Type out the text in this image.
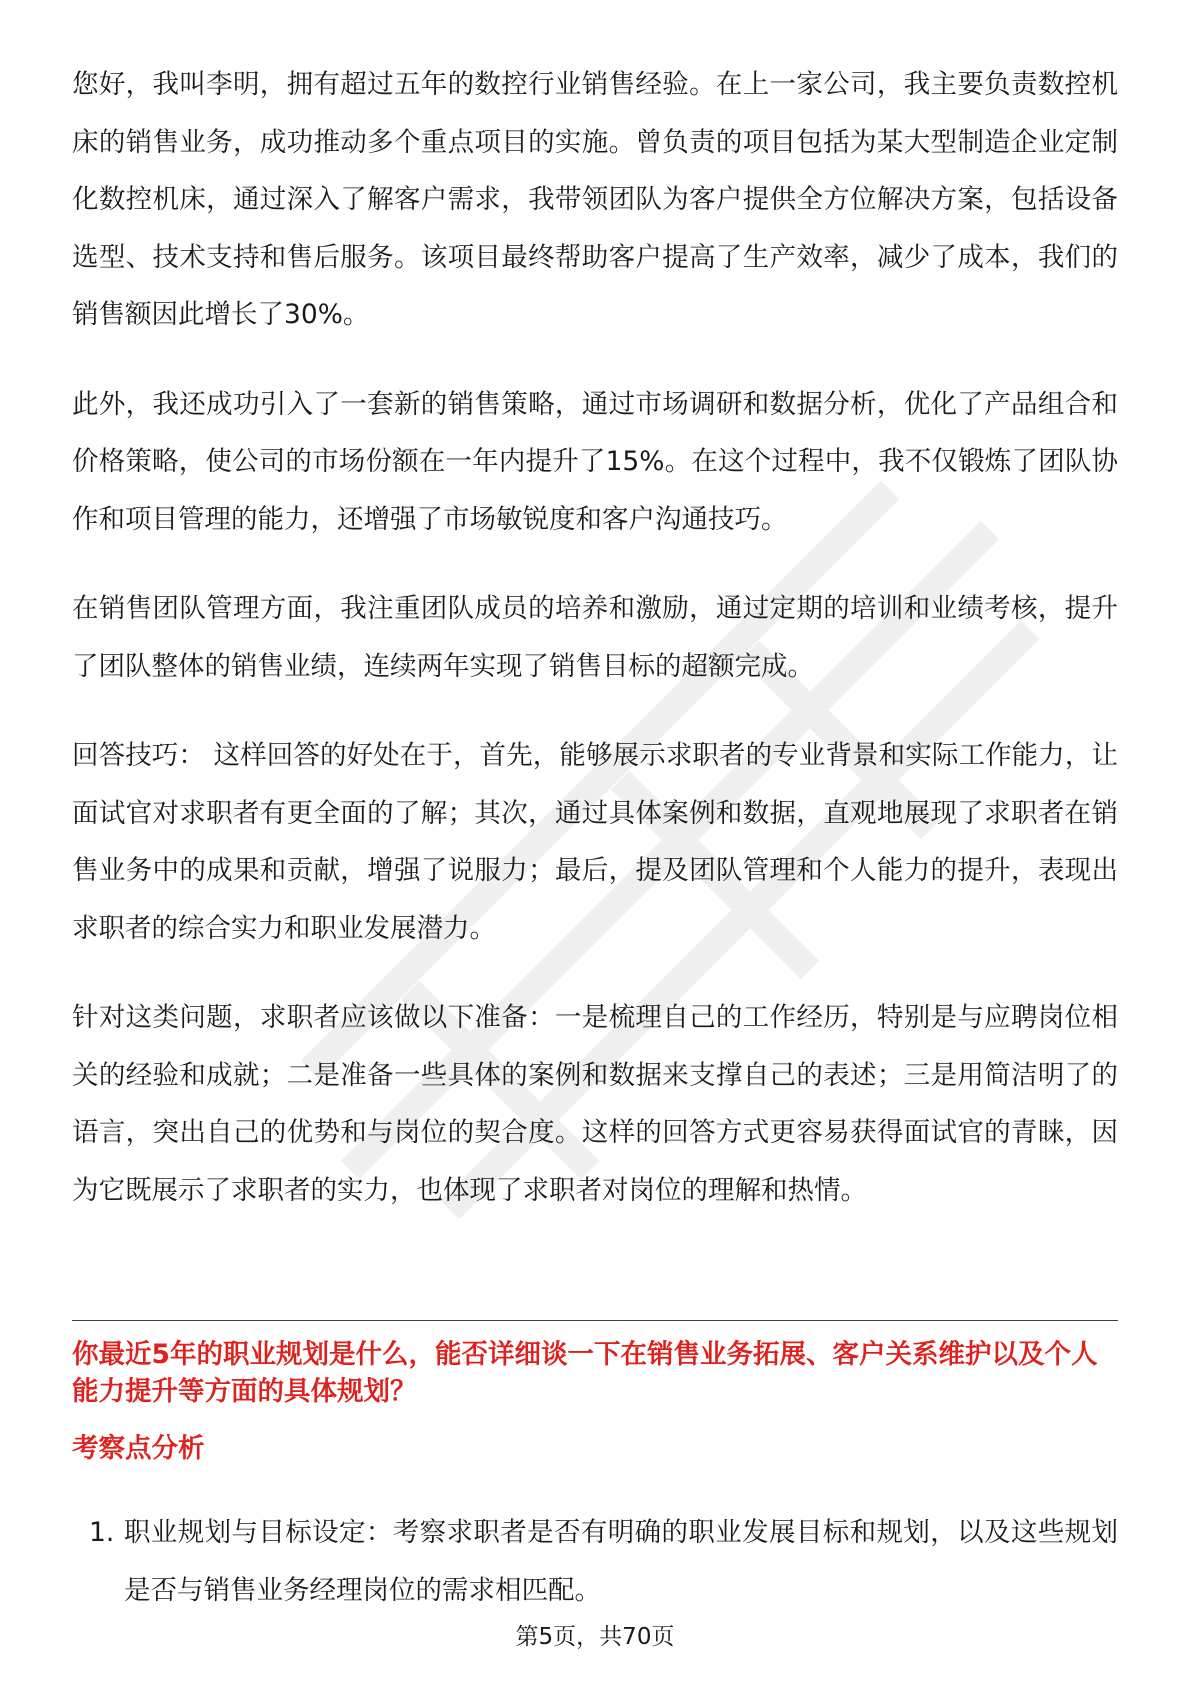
您好，我叫李明，拥有超过五年的数控行业销售经验。在上一家公司，我主要负责数控机床的销售业务，成功推动多个重点项目的实施。曾负责的项目包括为某大型制造企业定制化数控机床，通过深入了解客户需求，我带领团队为客户提供全方位解决方案，包括设备选型、技术支持和售后服务。该项目最终帮助客户提高了生产效率，减少了成本，我们的销售额因此增长了30%。

此外，我还成功引入了一套新的销售策略，通过市场调研和数据分析，优化了产品组合和价格策略，使公司的市场份额在一年内提升了15%。在这个过程中，我不仅锻炼了团队协作和项目管理的能力，还增强了市场敏锐度和客户沟通技巧。

在销售团队管理方面，我注重团队成员的培养和激励，通过定期的培训和业绩考核，提升了团队整体的销售业绩，连续两年实现了销售目标的超额完成。

回答技巧： 这样回答的好处在于，首先，能够展示求职者的专业背景和实际工作能力，让面试官对求职者有更全面的了解；其次，通过具体案例和数据，直观地展现了求职者在销售业务中的成果和贡献，增强了说服力；最后，提及团队管理和个人能力的提升，表现出求职者的综合实力和职业发展潜力。

针对这类问题，求职者应该做以下准备：一是梳理自己的工作经历，特别是与应聘岗位相关的经验和成就；二是准备一些具体的案例和数据来支撑自己的表述；三是用简洁明了的语言，突出自己的优势和与岗位的契合度。这样的回答方式更容易获得面试官的青睐，因为它既展示了求职者的实力，也体现了求职者对岗位的理解和热情。

你最近5年的职业规划是什么，能否详细谈一下在销售业务拓展、客户关系维护以及个人能力提升等方面的具体规划？
考察点分析
1. 职业规划与目标设定：考察求职者是否有明确的职业发展目标和规划，以及这些规划是否与销售业务经理岗位的需求相匹配。
第5页，共70页
